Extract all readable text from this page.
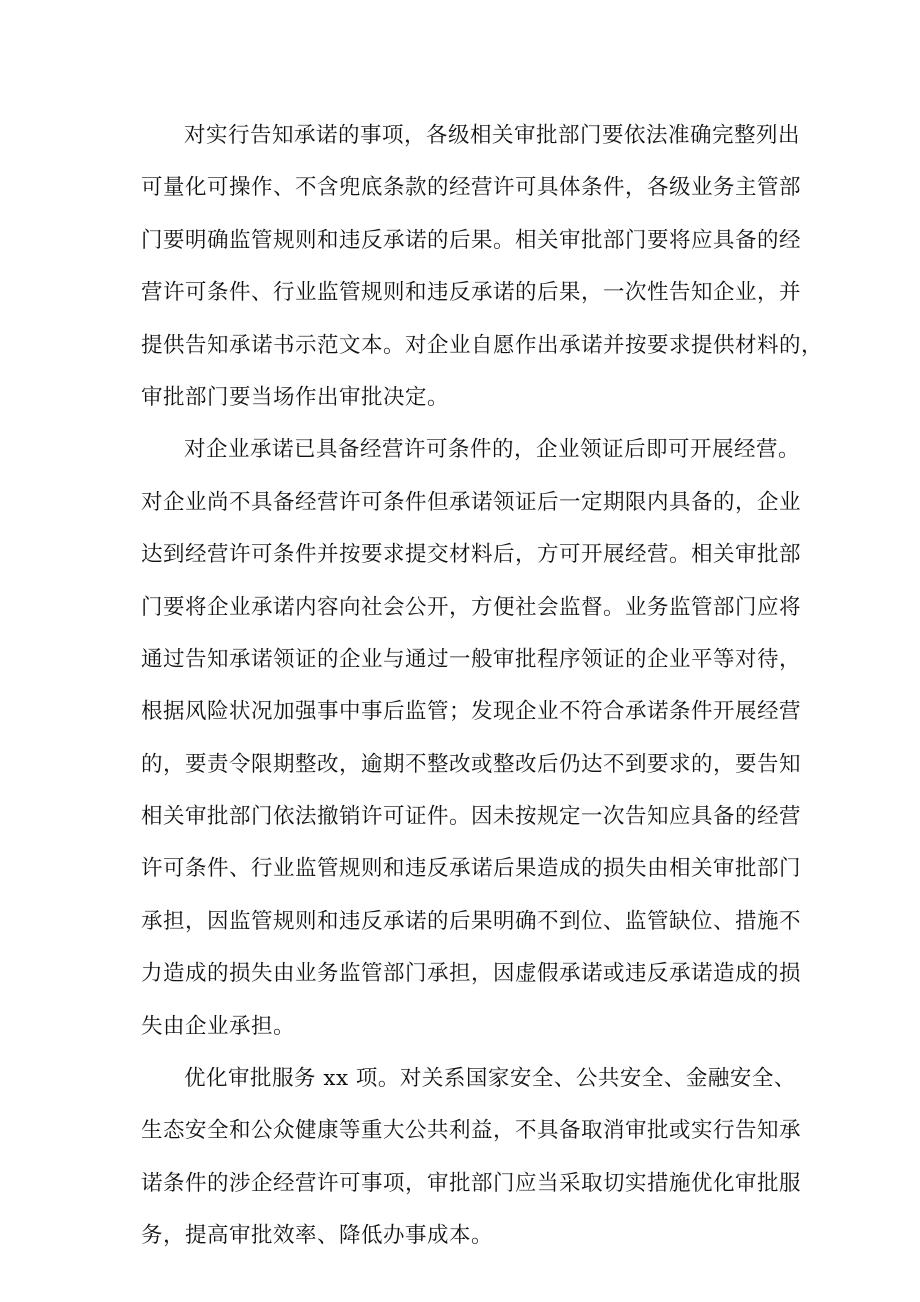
对实行告知承诺的事项，各级相关审批部门要依法准确完整列出
可量化可操作、不含兜底条款的经营许可具体条件，各级业务主管部
门要明确监管规则和违反承诺的后果。相关审批部门要将应具备的经
营许可条件、行业监管规则和违反承诺的后果，一次性告知企业，并
提供告知承诺书示范文本。对企业自愿作出承诺并按要求提供材料的，
审批部门要当场作出审批决定。

对企业承诺已具备经营许可条件的，企业领证后即可开展经营。
对企业尚不具备经营许可条件但承诺领证后一定期限内具备的，企业
达到经营许可条件并按要求提交材料后，方可开展经营。相关审批部
门要将企业承诺内容向社会公开，方便社会监督。业务监管部门应将
通过告知承诺领证的企业与通过一般审批程序领证的企业平等对待，
根据风险状况加强事中事后监管；发现企业不符合承诺条件开展经营
的，要责令限期整改，逾期不整改或整改后仍达不到要求的，要告知
相关审批部门依法撤销许可证件。因未按规定一次告知应具备的经营
许可条件、行业监管规则和违反承诺后果造成的损失由相关审批部门
承担，因监管规则和违反承诺的后果明确不到位、监管缺位、措施不
力造成的损失由业务监管部门承担，因虚假承诺或违反承诺造成的损
失由企业承担。

优化审批服务 xx 项。对关系国家安全、公共安全、金融安全、
生态安全和公众健康等重大公共利益，不具备取消审批或实行告知承
诺条件的涉企经营许可事项，审批部门应当采取切实措施优化审批服
务，提高审批效率、降低办事成本。
